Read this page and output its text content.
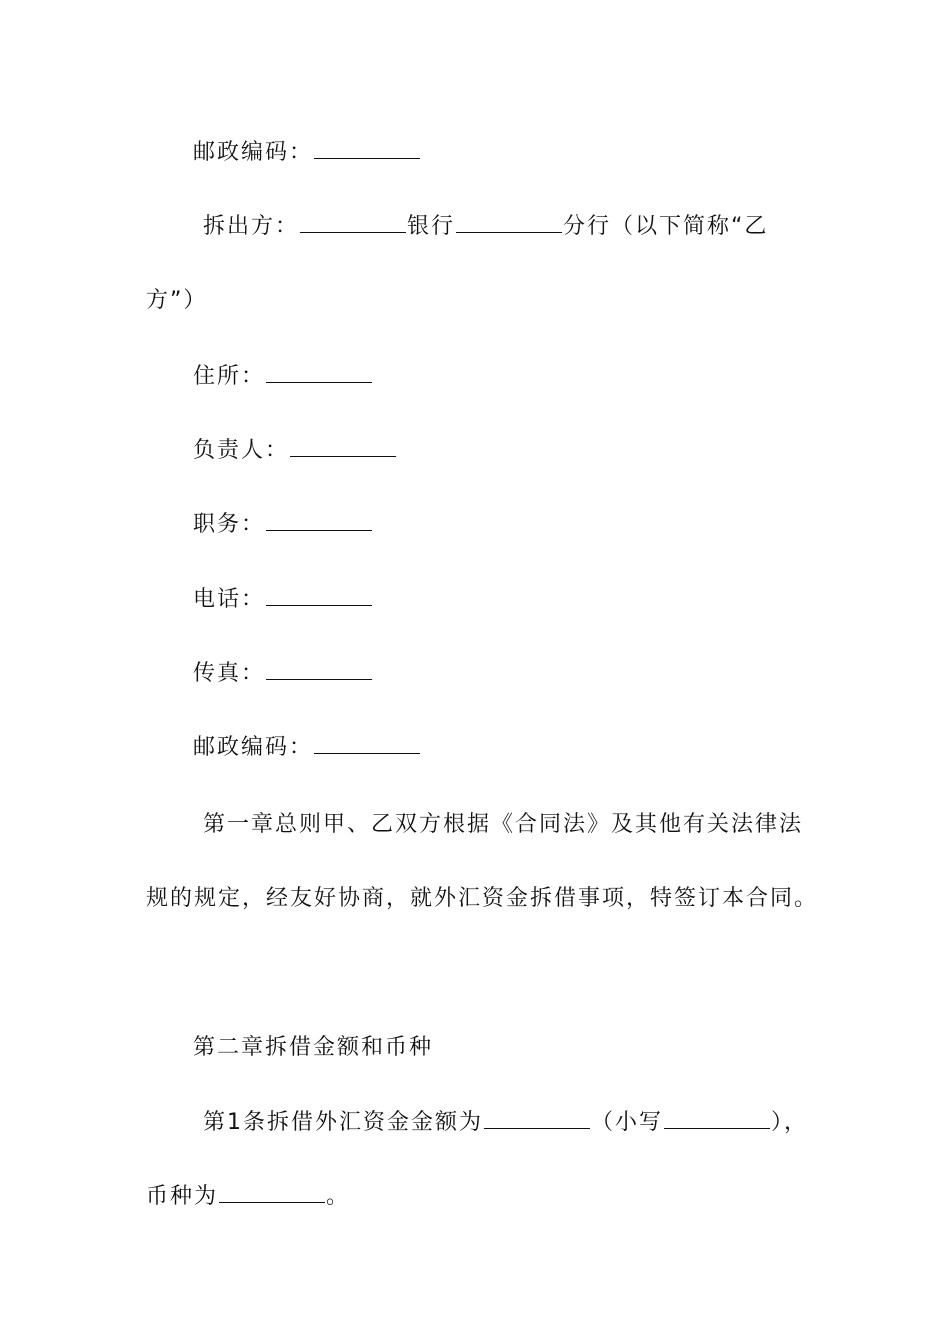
邮政编码：
拆出方：	银行	分行（以下简称“乙
方”）
住所：
负责人：
职务：
电话：
传真：
邮政编码：
第一章总则甲、乙双方根据《合同法》及其他有关法律法
规的规定，经友好协商，就外汇资金拆借事项，特签订本合同。
第二章拆借金额和币种
第1条拆借外汇资金金额为	（小写	），
币种为	。
